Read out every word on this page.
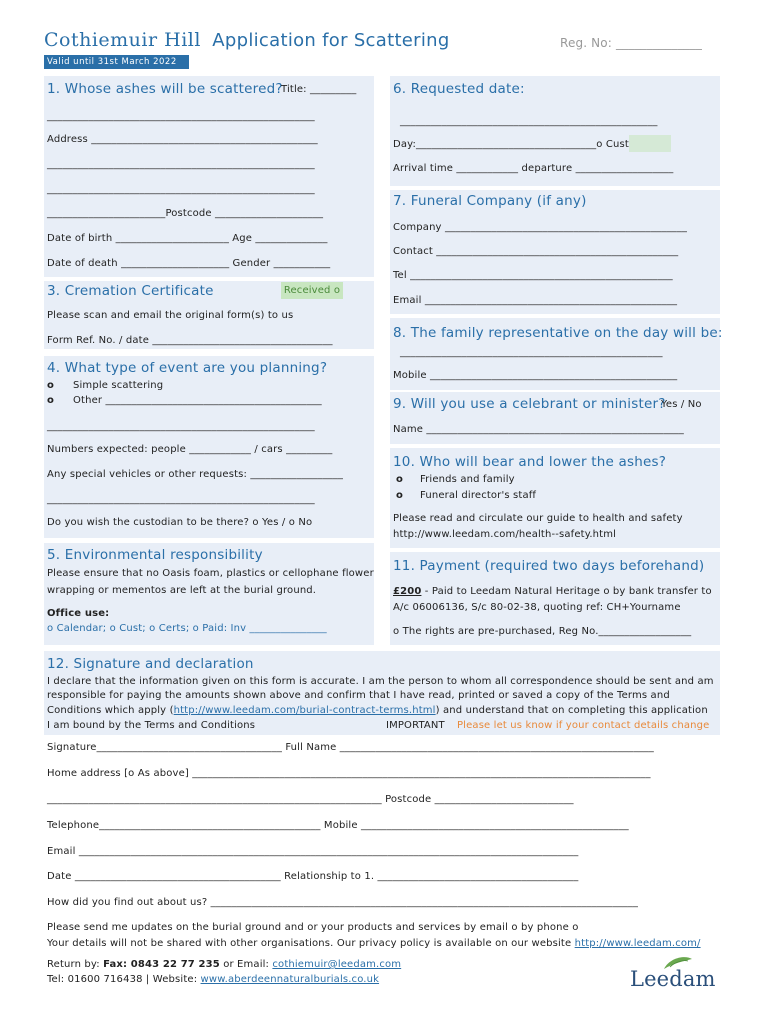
Cothiemuir Hill Application for Scattering	Reg. No: ______________
Valid until 31st March 2022
1. Whose ashes will be scattered?
Title: _________
____________________________________________________
Address ____________________________________________
____________________________________________________
____________________________________________________
_______________________Postcode _____________________
Date of birth ______________________ Age ______________
Date of death _____________________ Gender ___________
3. Cremation Certificate	Received o
Please scan and email the original form(s) to us
Form Ref. No. / date ___________________________________
4. What type of event are you planning?
o Simple scattering
o Other __________________________________________
____________________________________________________
Numbers expected: people ____________ / cars _________
Any special vehicles or other requests: __________________
____________________________________________________
Do you wish the custodian to be there? o Yes / o No
5. Environmental responsibility
Please ensure that no Oasis foam, plastics or cellophane flower
wrapping or mementos are left at the burial ground.
Office use:
o Calendar; o Cust; o Certs; o Paid: Inv _______________
6. Requested date:
__________________________________________________
Day:___________________________________o Cust
Arrival time ____________ departure ___________________
7. Funeral Company (if any)
Company _______________________________________________
Contact _______________________________________________
Tel ___________________________________________________
Email _________________________________________________
8. The family representative on the day will be:
___________________________________________________
Mobile ________________________________________________
9. Will you use a celebrant or minister?
Yes / No
Name __________________________________________________
10. Who will bear and lower the ashes?
o Friends and family
o Funeral director's staff
Please read and circulate our guide to health and safety
http://www.leedam.com/health--safety.html
11. Payment (required two days beforehand)
£200 - Paid to Leedam Natural Heritage o by bank transfer to
A/c 06006136, S/c 80-02-38, quoting ref: CH+Yourname
o The rights are pre-purchased, Reg No.__________________
12. Signature and declaration
I declare that the information given on this form is accurate. I am the person to whom all correspondence should be sent and am
responsible for paying the amounts shown above and confirm that I have read, printed or saved a copy of the Terms and
Conditions which apply (http://www.leedam.com/burial-contract-terms.html) and understand that on completing this application
I am bound by the Terms and Conditions	IMPORTANT Please let us know if your contact details change
Signature____________________________________ Full Name _____________________________________________________________
Home address [o As above] _________________________________________________________________________________________
_________________________________________________________________ Postcode ___________________________
Telephone___________________________________________ Mobile ____________________________________________________
Email _________________________________________________________________________________________________
Date ________________________________________ Relationship to 1. _______________________________________
How did you find out about us? ___________________________________________________________________________________
Please send me updates on the burial ground and or your products and services by email o by phone o
Your details will not be shared with other organisations. Our privacy policy is available on our website http://www.leedam.com/
Return by: Fax: 0843 22 77 235 or Email: cothiemuir@leedam.com
Tel: 01600 716438 | Website: www.aberdeennaturalburials.co.uk	Leedam
